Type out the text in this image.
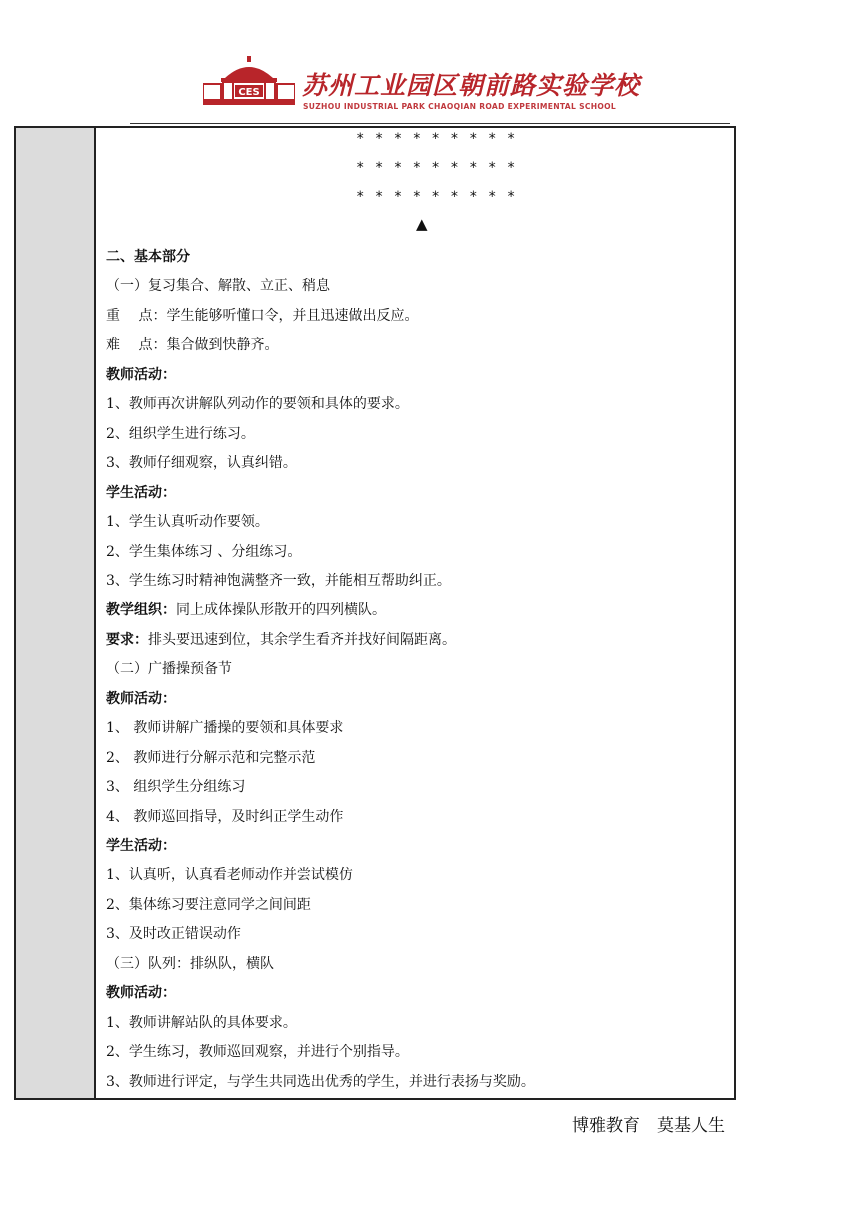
CES 苏州工业园区朝前路实验学校
SUZHOU INDUSTRIAL PARK CHAOQIAN ROAD EXPERIMENTAL SCHOOL
* * * * * * * * *
* * * * * * * * *
* * * * * * * * *
▲
二、基本部分
（一）复习集合、解散、立正、稍息
重　 点：学生能够听懂口令，并且迅速做出反应。
难　 点：集合做到快静齐。
教师活动：
1、教师再次讲解队列动作的要领和具体的要求。
2、组织学生进行练习。
3、教师仔细观察，认真纠错。
学生活动：
1、学生认真听动作要领。
2、学生集体练习 、分组练习。
3、学生练习时精神饱满整齐一致，并能相互帮助纠正。
教学组织：同上成体操队形散开的四列横队。
要求：排头要迅速到位，其余学生看齐并找好间隔距离。
（二）广播操预备节
教师活动：
1、 教师讲解广播操的要领和具体要求
2、 教师进行分解示范和完整示范
3、 组织学生分组练习
4、 教师巡回指导，及时纠正学生动作
学生活动：
1、认真听，认真看老师动作并尝试模仿
2、集体练习要注意同学之间间距
3、及时改正错误动作
（三）队列：排纵队，横队
教师活动：
1、教师讲解站队的具体要求。
2、学生练习，教师巡回观察，并进行个别指导。
3、教师进行评定，与学生共同选出优秀的学生，并进行表扬与奖励。
博雅教育　莫基人生
